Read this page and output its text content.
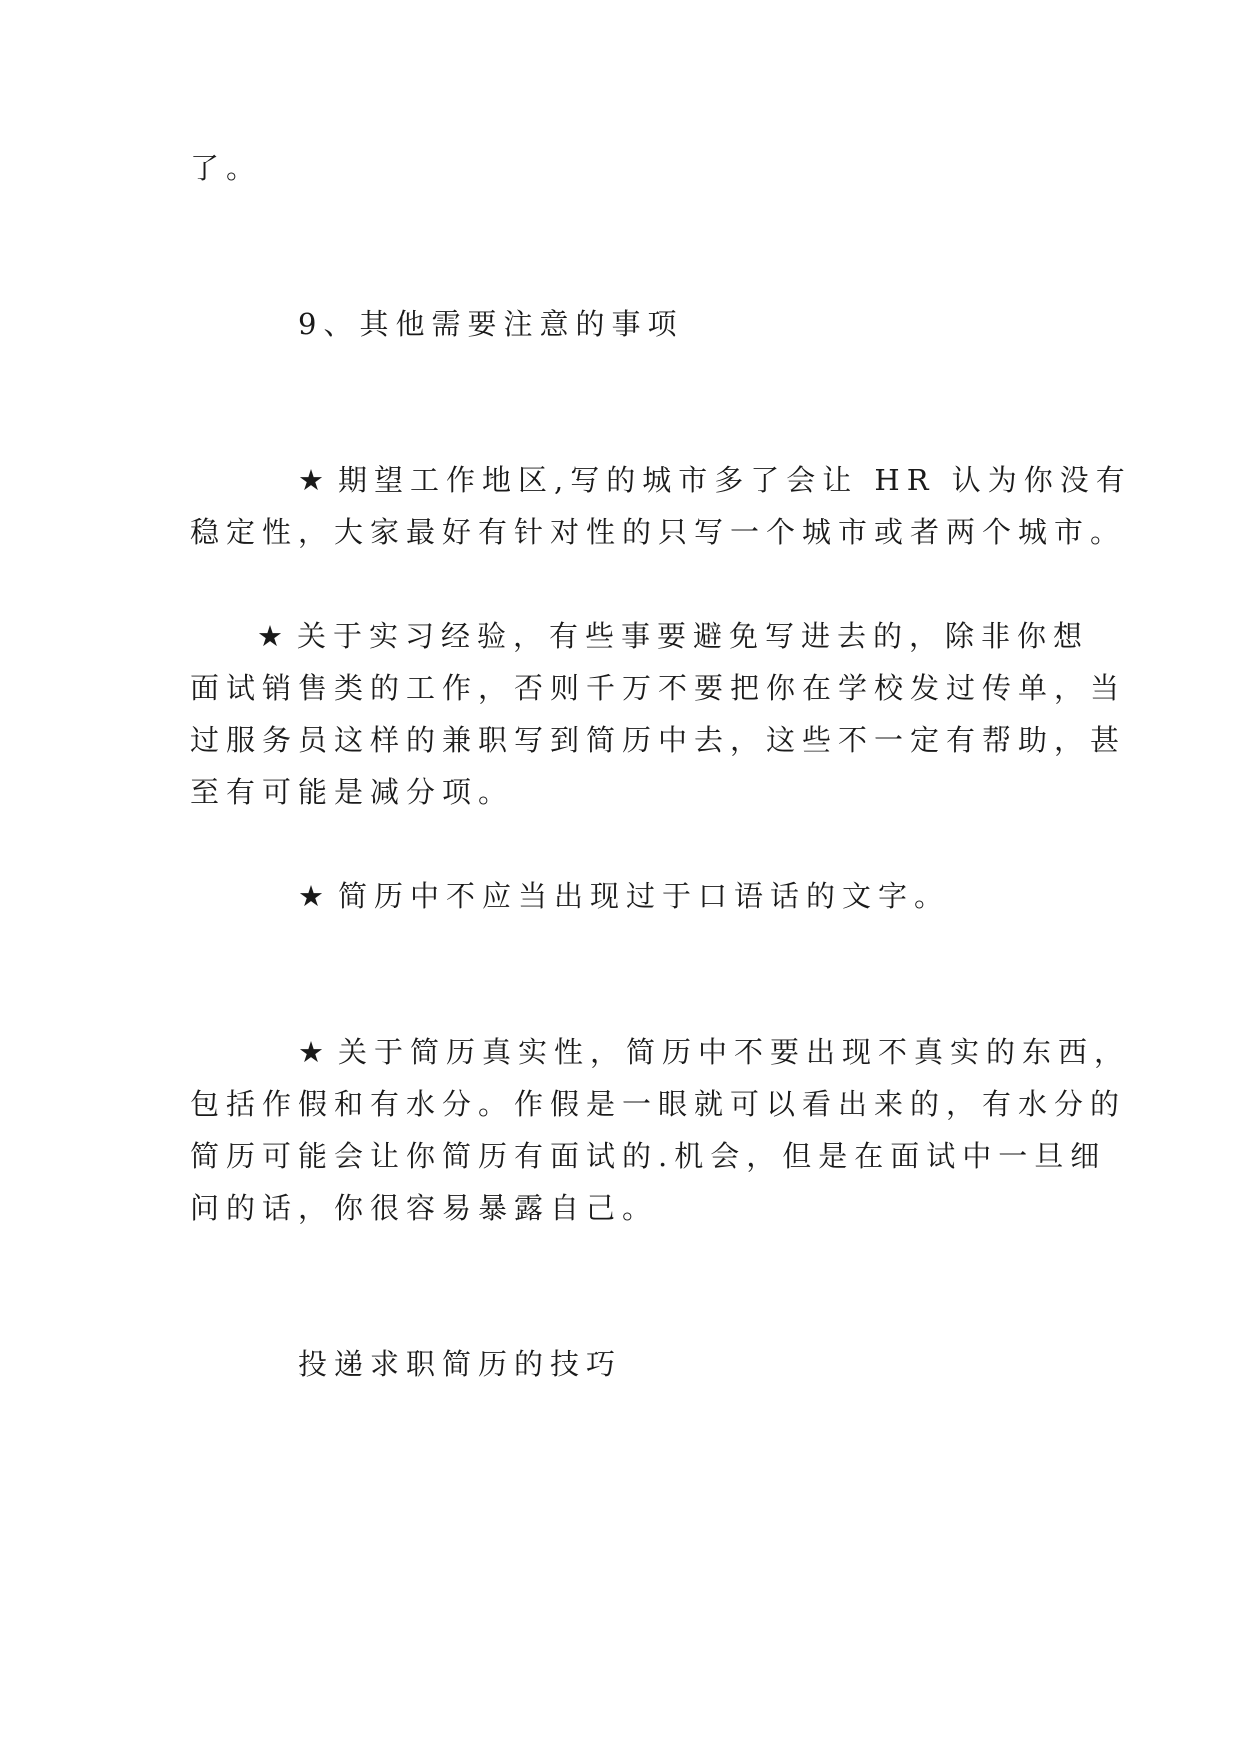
了。
9、其他需要注意的事项
★ 期望工作地区,写的城市多了会让 HR 认为你没有
稳定性，大家最好有针对性的只写一个城市或者两个城市。
★ 关于实习经验，有些事要避免写进去的，除非你想
面试销售类的工作，否则千万不要把你在学校发过传单，当
过服务员这样的兼职写到简历中去，这些不一定有帮助，甚
至有可能是减分项。
★ 简历中不应当出现过于口语话的文字。
★ 关于简历真实性，简历中不要出现不真实的东西，
包括作假和有水分。作假是一眼就可以看出来的，有水分的
简历可能会让你简历有面试的.机会，但是在面试中一旦细
问的话，你很容易暴露自己。
投递求职简历的技巧
